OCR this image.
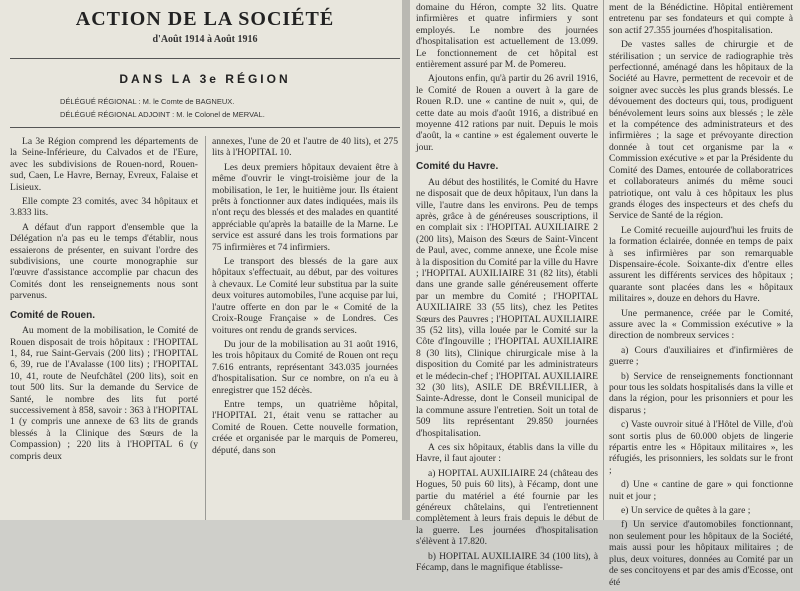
ACTION DE LA SOCIÉTÉ
d'Août 1914 à Août 1916
DANS LA 3e RÉGION
DÉLÉGUÉ RÉGIONAL : M. le Comte de BAGNEUX.
DÉLÉGUÉ RÉGIONAL ADJOINT : M. le Colonel de MERVAL.

La 3e Région comprend les départements de la Seine-Inférieure, du Calvados et de l'Eure, avec les subdivisions de Rouen-nord, Rouen-sud, Caen, Le Havre, Bernay, Evreux, Falaise et Lisieux.

Elle compte 23 comités, avec 34 hôpitaux et 3.833 lits.

A défaut d'un rapport d'ensemble que la Délégation n'a pas eu le temps d'établir, nous essaierons de présenter, en suivant l'ordre des subdivisions, une courte monographie sur l'œuvre d'assistance accomplie par chacun des Comités dont les renseignements nous sont parvenus.

Comité de Rouen.

Au moment de la mobilisation, le Comité de Rouen disposait de trois hôpitaux : l'HOPITAL 1, 84, rue Saint-Gervais (200 lits) ; l'HOPITAL 6, 39, rue de l'Avalasse (100 lits) ; l'HOPITAL 10, 41, route de Neufchâtel (200 lits), soit en tout 500 lits. Sur la demande du Service de Santé, le nombre des lits fut porté successivement à 858, savoir : 363 à l'HOPITAL 1 (y compris une annexe de 63 lits de grands blessés à la Clinique des Sœurs de la Compassion) ; 220 lits à l'HOPITAL 6 (y compris deux

annexes, l'une de 20 et l'autre de 40 lits), et 275 lits à l'HOPITAL 10.

Les deux premiers hôpitaux devaient être à même d'ouvrir le vingt-troisième jour de la mobilisation, le 1er, le huitième jour. Ils étaient prêts à fonctionner aux dates indiquées, mais ils n'ont reçu des blessés et des malades en quantité appréciable qu'après la bataille de la Marne. Le service est assuré dans les trois formations par 75 infirmières et 74 infirmiers.

Le transport des blessés de la gare aux hôpitaux s'effectuait, au début, par des voitures à chevaux. Le Comité leur substitua par la suite deux voitures automobiles, l'une acquise par lui, l'autre offerte en don par le « Comité de la Croix-Rouge Française » de Londres. Ces voitures ont rendu de grands services.

Du jour de la mobilisation au 31 août 1916, les trois hôpitaux du Comité de Rouen ont reçu 7.616 entrants, représentant 343.035 journées d'hospitalisation. Sur ce nombre, on n'a eu à enregistrer que 152 décès.

Entre temps, un quatrième hôpital, l'HOPITAL 21, était venu se rattacher au Comité de Rouen. Cette nouvelle formation, créée et organisée par le marquis de Pomereu, député, dans son

domaine du Héron, compte 32 lits. Quatre infirmières et quatre infirmiers y sont employés. Le nombre des journées d'hospitalisation est actuellement de 13.099. Le fonctionnement de cet hôpital est entièrement assuré par M. de Pomereu.

Ajoutons enfin, qu'à partir du 26 avril 1916, le Comité de Rouen a ouvert à la gare de Rouen R.D. une « cantine de nuit », qui, de cette date au mois d'août 1916, a distribué en moyenne 412 rations par nuit. Depuis le mois d'août, la « cantine » est également ouverte le jour.

Comité du Havre.

Au début des hostilités, le Comité du Havre ne disposait que de deux hôpitaux, l'un dans la ville, l'autre dans les environs. Peu de temps après, grâce à de généreuses souscriptions, il en complait six : l'HOPITAL AUXILIAIRE 2 (200 lits), Maison des Sœurs de Saint-Vincent de Paul, avec, comme annexe, une École mise à la disposition du Comité par la ville du Havre ; l'HOPITAL AUXILIAIRE 31 (82 lits), établi dans une grande salle généreusement offerte par un membre du Comité ; l'HOPITAL AUXILIAIRE 33 (55 lits), chez les Petites Sœurs des Pauvres ; l'HOPITAL AUXILIAIRE 35 (52 lits), villa louée par le Comité sur la Côte d'Ingouville ; l'HOPITAL AUXILIAIRE 8 (30 lits), Clinique chirurgicale mise à la disposition du Comité par les administrateurs et le médecin-chef ; l'HOPITAL AUXILIAIRE 32 (30 lits), ASILE DE BRÉVILLIER, à Sainte-Adresse, dont le Conseil municipal de la commune assure l'entretien. Soit un total de 509 lits représentant 29.850 journées d'hospitalisation.

A ces six hôpitaux, établis dans la ville du Havre, il faut ajouter :

a) HOPITAL AUXILIAIRE 24 (château des Hogues, 50 puis 60 lits), à Fécamp, dont une partie du matériel a été fournie par les généreux châtelains, qui l'entretiennent complètement à leurs frais depuis le début de la guerre. Les journées d'hospitalisation s'élèvent à 17.820.

b) HOPITAL AUXILIAIRE 34 (100 lits), à Fécamp, dans le magnifique établisse-

ment de la Bénédictine. Hôpital entièrement entretenu par ses fondateurs et qui compte à son actif 27.355 journées d'hospitalisation.

De vastes salles de chirurgie et de stérilisation ; un service de radiographie très perfectionné, aménagé dans les hôpitaux de la Société au Havre, permettent de recevoir et de soigner avec succès les plus grands blessés. Le dévouement des docteurs qui, tous, prodiguent bénévolement leurs soins aux blessés ; le zèle et la compétence des administrateurs et des infirmières ; la sage et prévoyante direction donnée à tout cet organisme par la « Commission exécutive » et par la Présidente du Comité des Dames, entourée de collaboratrices et collaborateurs animés du même souci patriotique, ont valu à ces hôpitaux les plus grands éloges des inspecteurs et des chefs du Service de Santé de la région.

Le Comité recueille aujourd'hui les fruits de la formation éclairée, donnée en temps de paix à ses infirmières par son remarquable Dispensaire-école. Soixante-dix d'entre elles assurent les différents services des hôpitaux ; quarante sont placées dans les « hôpitaux militaires », douze en dehors du Havre.

Une permanence, créée par le Comité, assure avec la « Commission exécutive » la direction de nombreux services :

a) Cours d'auxiliaires et d'infirmières de guerre ;

b) Service de renseignements fonctionnant pour tous les soldats hospitalisés dans la ville et dans la région, pour les prisonniers et pour les disparus ;

c) Vaste ouvroir situé à l'Hôtel de Ville, d'où sont sortis plus de 60.000 objets de lingerie répartis entre les « Hôpitaux militaires », les réfugiés, les prisonniers, les soldats sur le front ;

d) Une « cantine de gare » qui fonctionne nuit et jour ;

e) Un service de quêtes à la gare ;

f) Un service d'automobiles fonctionnant, non seulement pour les hôpitaux de la Société, mais aussi pour les hôpitaux militaires ; de plus, deux voitures, données au Comité par un de ses concitoyens et par des amis d'Ecosse, ont été
